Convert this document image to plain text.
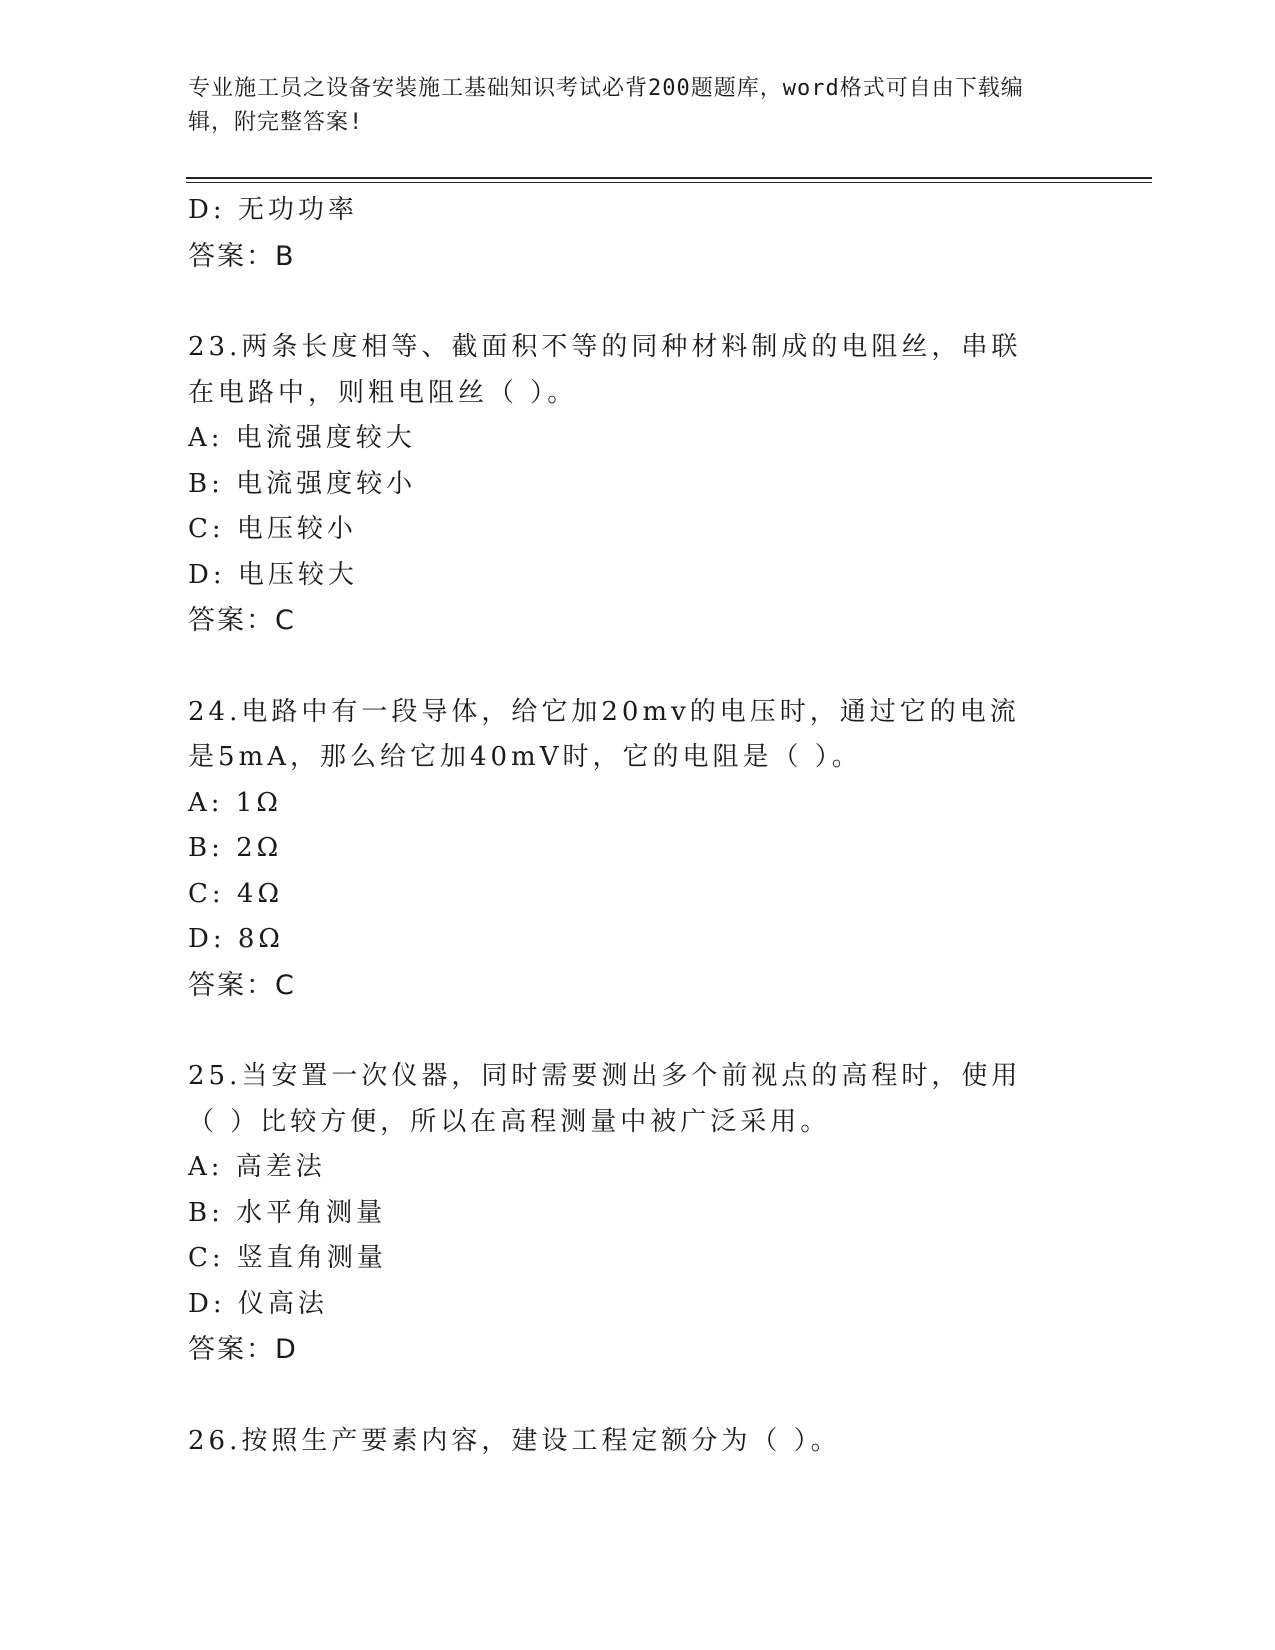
专业施工员之设备安装施工基础知识考试必背200题题库，word格式可自由下载编辑，附完整答案!
D: 无功功率
答案：B
23.两条长度相等、截面积不等的同种材料制成的电阻丝，串联在电路中，则粗电阻丝（ ）。
A: 电流强度较大
B: 电流强度较小
C: 电压较小
D: 电压较大
答案：C
24.电路中有一段导体，给它加20mv的电压时，通过它的电流是5mA，那么给它加40mV时，它的电阻是（ ）。
A: 1Ω
B: 2Ω
C: 4Ω
D: 8Ω
答案：C
25.当安置一次仪器，同时需要测出多个前视点的高程时，使用（ ）比较方便，所以在高程测量中被广泛采用。
A: 高差法
B: 水平角测量
C: 竖直角测量
D: 仪高法
答案：D
26.按照生产要素内容，建设工程定额分为（ ）。
